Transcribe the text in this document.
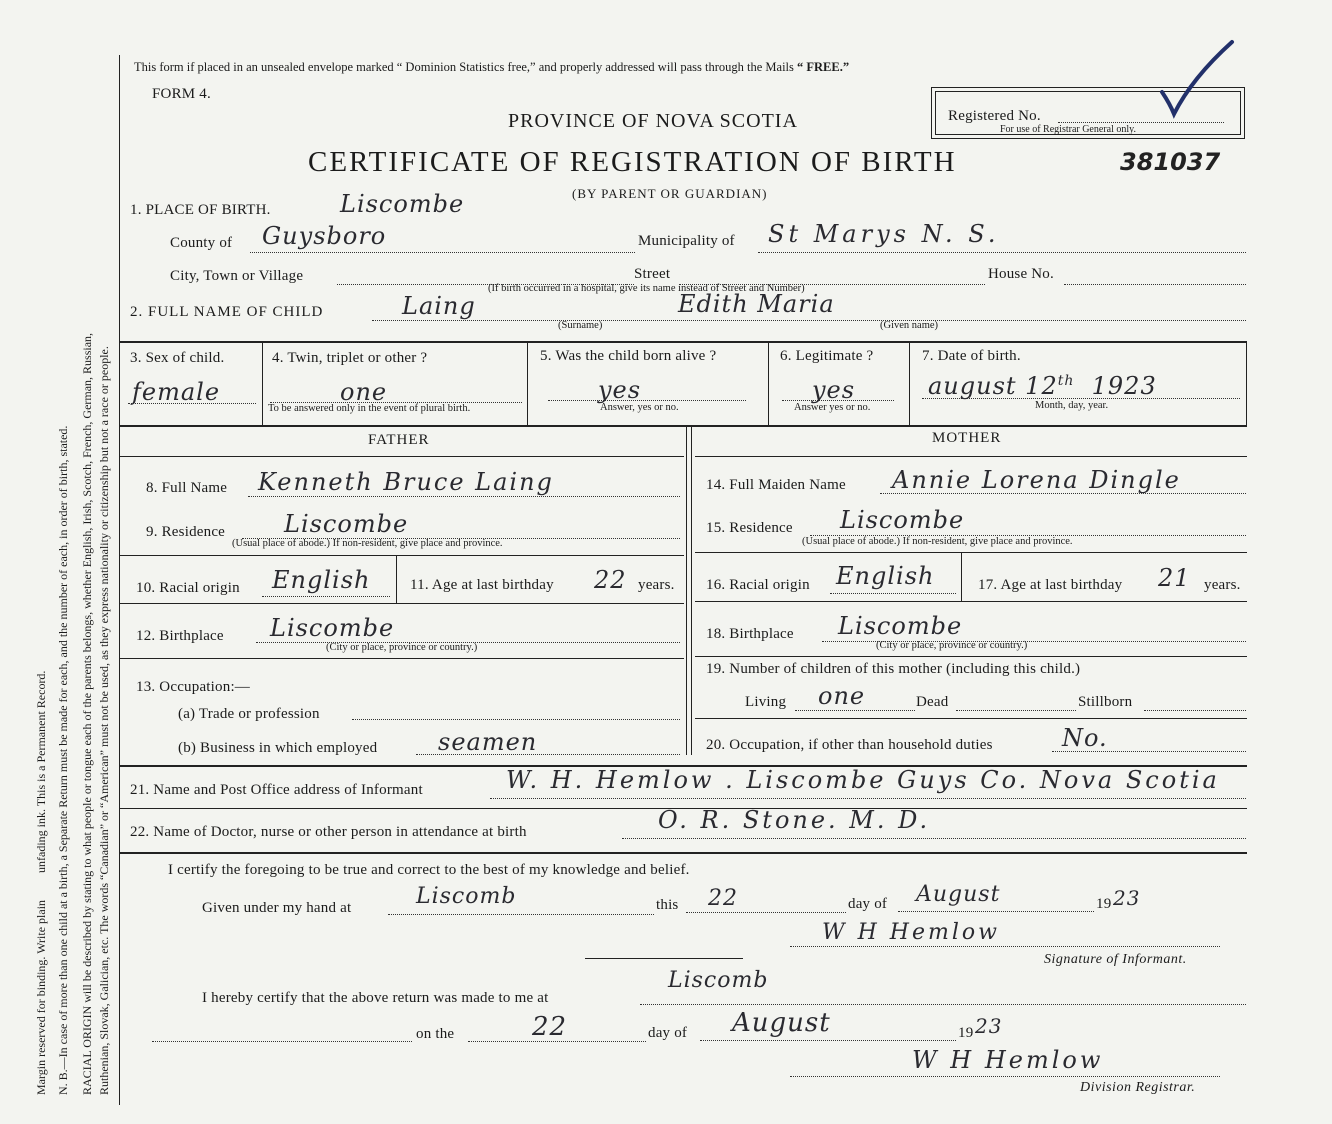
Margin reserved for binding. Write plain         unfading ink. This is a Permanent Record. N. B.—In case of more than one child at a birth, a Separate Return must be made for each, and the number of each, in order of birth, stated. RACIAL ORIGIN will be described by stating to what people or tongue each of the parents belongs, whether English, Irish, Scotch, French, German, Russian, Ruthenian, Slovak, Galician, etc. The words “Canadian” or “American” must not be used, as they express nationality or citizenship but not a race or people.
This form if placed in an unsealed envelope marked “ Dominion Statistics free,” and properly addressed will pass through the Mails “ FREE.”
FORM 4.
PROVINCE OF NOVA SCOTIA
CERTIFICATE OF REGISTRATION OF BIRTH
(BY PARENT OR GUARDIAN)
Registered No.
For use of Registrar General only.
381037
1. PLACE OF BIRTH.	Liscombe
County of Guysboro	Municipality of St Marys N. S.
City, Town or Village	Street	House No.
(If birth occurred in a hospital, give its name instead of Street and Number)
2. FULL NAME OF CHILD	Laing
(Surname)
Edith Maria
(Given name)
3. Sex of child.
female
4. Twin, triplet or other ?
one
To be answered only in the event of plural birth.
5. Was the child born alive ?
yes
Answer, yes or no.
6. Legitimate ?
yes
Answer yes or no.
7. Date of birth.
august 12th 1923
Month, day, year.
FATHER	MOTHER
8. Full Name Kenneth Bruce Laing
9. Residence Liscombe
(Usual place of abode.) If non-resident, give place and province.
10. Racial origin English	11. Age at last birthday 22 years.
12. Birthplace Liscombe
(City or place, province or country.)
13. Occupation:—
(a) Trade or profession
(b) Business in which employed	seamen
14. Full Maiden Name Annie Lorena Dingle
15. Residence Liscombe
(Usual place of abode.) If non-resident, give place and province.
16. Racial origin English	17. Age at last birthday 21 years.
18. Birthplace Liscombe
(City or place, province or country.)
19. Number of children of this mother (including this child.)
Living one	Dead	Stillborn
20. Occupation, if other than household duties	No.
21. Name and Post Office address of Informant	W. H. Hemlow . Liscombe Guys Co. Nova Scotia
22. Name of Doctor, nurse or other person in attendance at birth	O. R. Stone. M. D.
I certify the foregoing to be true and correct to the best of my knowledge and belief.
Given under my hand at	Liscomb	this 22	day of August	19 23
W H Hemlow
Signature of Informant.
I hereby certify that the above return was made to me at
Liscomb
on the	22	day of August	19 23
W H Hemlow
Division Registrar.
